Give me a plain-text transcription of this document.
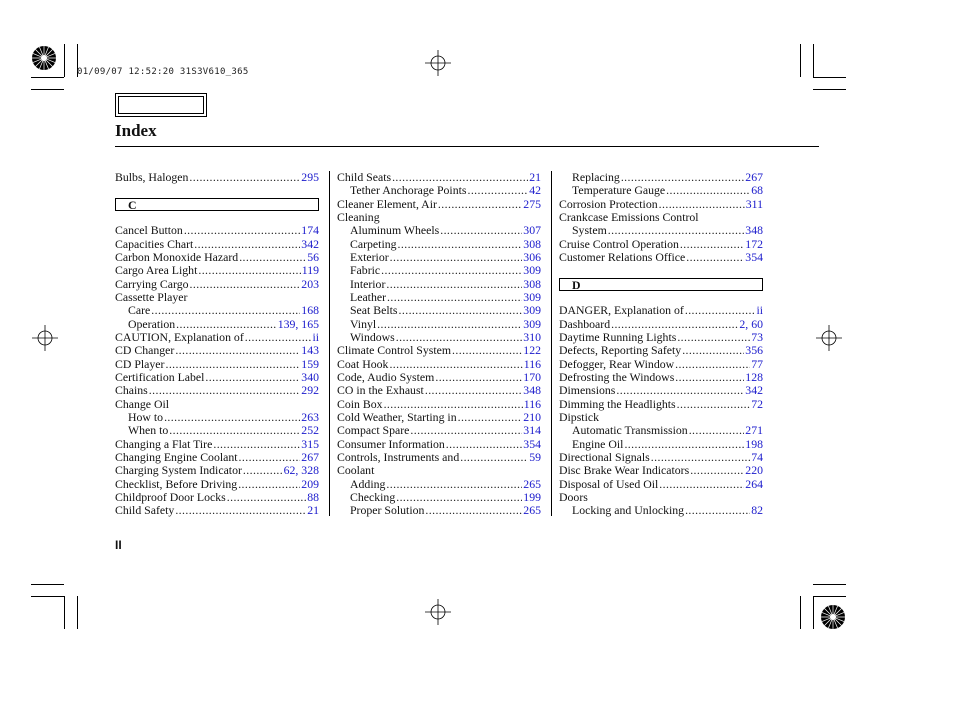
01/09/07 12:52:20 31S3V610_365
Index
Bulbs, Halogen .....	295
C
Cancel Button .....	174
Capacities Chart .....	342
Carbon Monoxide Hazard .....	56
Cargo Area Light .....	119
Carrying Cargo .....	203
Cassette Player
Care .....	168
Operation .....	139, 165
CAUTION, Explanation of .....	ii
CD Changer .....	143
CD Player .....	159
Certification Label .....	340
Chains .....	292
Change Oil
How to .....	263
When to .....	252
Changing a Flat Tire .....	315
Changing Engine Coolant .....	267
Charging System Indicator .....	62, 328
Checklist, Before Driving .....	209
Childproof Door Locks .....	88
Child Safety .....	21
Child Seats .....	21
Tether Anchorage Points .....	42
Cleaner Element, Air .....	275
Cleaning
Aluminum Wheels .....	307
Carpeting .....	308
Exterior .....	306
Fabric .....	309
Interior .....	308
Leather .....	309
Seat Belts .....	309
Vinyl .....	309
Windows .....	310
Climate Control System .....	122
Coat Hook .....	116
Code, Audio System .....	170
CO in the Exhaust .....	348
Coin Box .....	116
Cold Weather, Starting in .....	210
Compact Spare .....	314
Consumer Information .....	354
Controls, Instruments and .....	59
Coolant
Adding .....	265
Checking .....	199
Proper Solution .....	265
Replacing .....	267
Temperature Gauge .....	68
Corrosion Protection .....	311
Crankcase Emissions Control
System .....	348
Cruise Control Operation .....	172
Customer Relations Office .....	354
D
DANGER, Explanation of .....	ii
Dashboard .....	2, 60
Daytime Running Lights .....	73
Defects, Reporting Safety .....	356
Defogger, Rear Window .....	77
Defrosting the Windows .....	128
Dimensions .....	342
Dimming the Headlights .....	72
Dipstick
Automatic Transmission .....	271
Engine Oil .....	198
Directional Signals .....	74
Disc Brake Wear Indicators .....	220
Disposal of Used Oil .....	264
Doors
Locking and Unlocking .....	82
II
